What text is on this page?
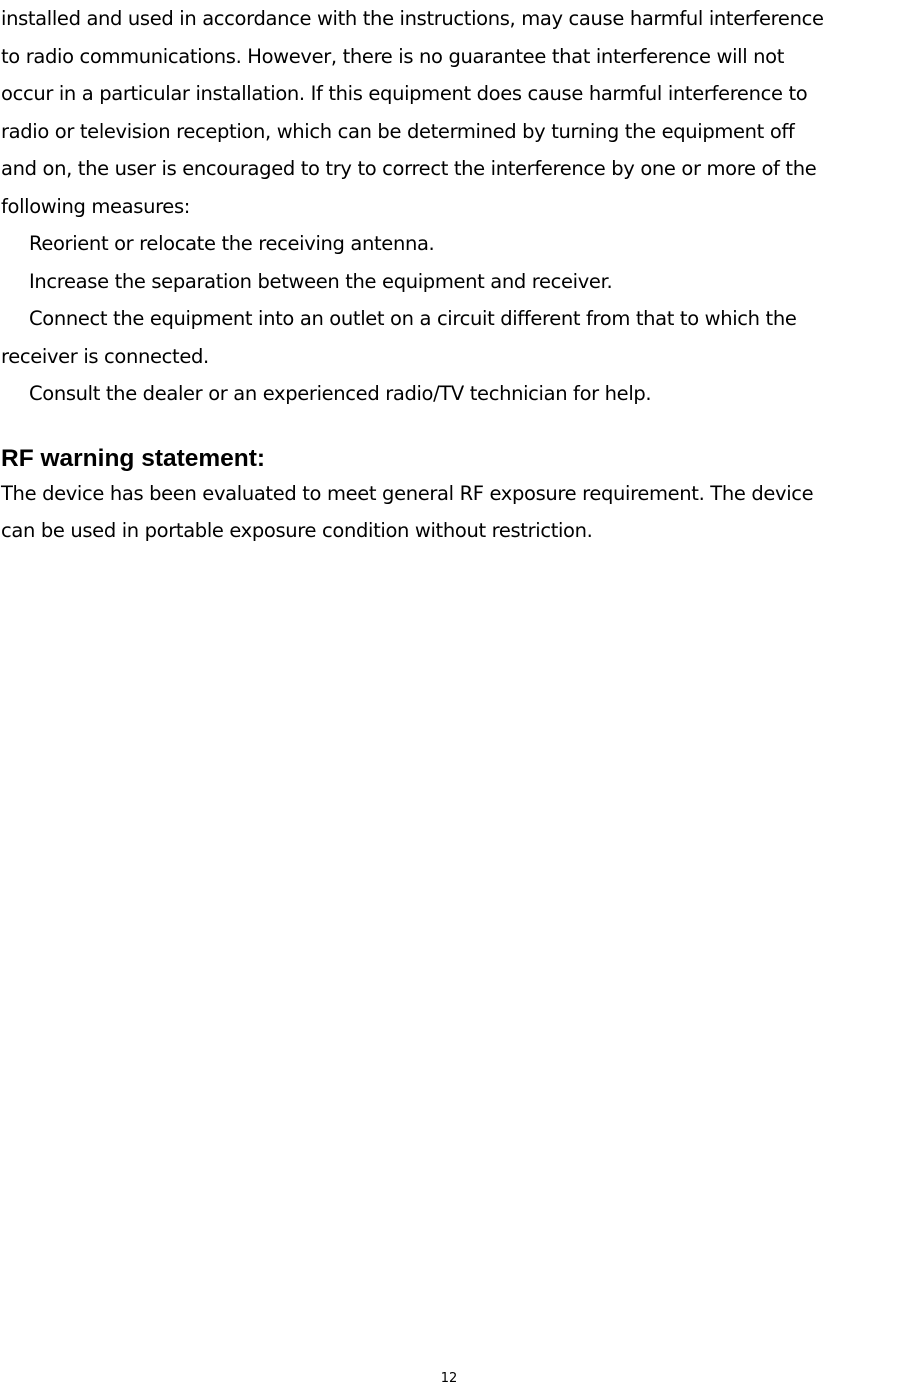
installed and used in accordance with the instructions, may cause harmful interference
to radio communications. However, there is no guarantee that interference will not
occur in a particular installation. If this equipment does cause harmful interference to
radio or television reception, which can be determined by turning the equipment off
and on, the user is encouraged to try to correct the interference by one or more of the
following measures:
Reorient or relocate the receiving antenna.
Increase the separation between the equipment and receiver.
Connect the equipment into an outlet on a circuit different from that to which the
receiver is connected.
Consult the dealer or an experienced radio/TV technician for help.
RF warning statement:
The device has been evaluated to meet general RF exposure requirement. The device
can be used in portable exposure condition without restriction.
12
